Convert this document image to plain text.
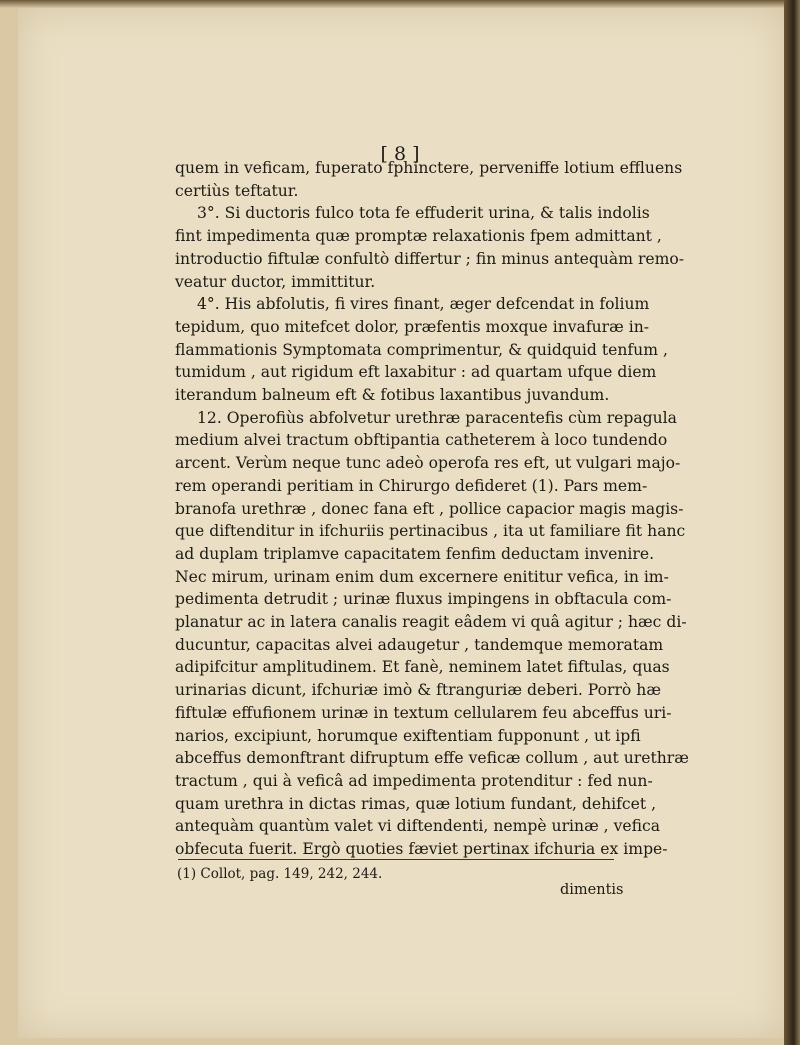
[ 8 ]
quem in veficam, fuperato fphinctere, perveniffe lotium effluens
certiùs teftatur.
3°. Si ductoris fulco tota fe effuderit urina, & talis indolis
fint impedimenta quæ promptæ relaxationis fpem admittant ,
introductio fiftulæ confultò differtur ; fin minus antequàm remo-
veatur ductor, immittitur.
4°. His abfolutis, fi vires finant, æger defcendat in folium
tepidum, quo mitefcet dolor, præfentis moxque invafuræ in-
flammationis Symptomata comprimentur, & quidquid tenfum ,
tumidum , aut rigidum eft laxabitur : ad quartam ufque diem
iterandum balneum eft & fotibus laxantibus juvandum.
12. Operofiùs abfolvetur urethræ paracentefis cùm repagula
medium alvei tractum obftipantia catheterem à loco tundendo
arcent. Verùm neque tunc adeò operofa res eft, ut vulgari majo-
rem operandi peritiam in Chirurgo defideret (1). Pars mem-
branofa urethræ , donec fana eft , pollice capacior magis magis-
que diftenditur in ifchuriis pertinacibus , ita ut familiare fit hanc
ad duplam triplamve capacitatem fenfim deductam invenire.
Nec mirum, urinam enim dum excernere enititur vefica, in im-
pedimenta detrudit ; urinæ fluxus impingens in obftacula com-
planatur ac in latera canalis reagit eâdem vi quâ agitur ; hæc di-
ducuntur, capacitas alvei adaugetur , tandemque memoratam
adipifcitur amplitudinem. Et fanè, neminem latet fiftulas, quas
urinarias dicunt, ifchuriæ imò & ftranguriæ deberi. Porrò hæ
fiftulæ effufionem urinæ in textum cellularem feu abceffus uri-
narios, excipiunt, horumque exiftentiam fupponunt , ut ipfi
abceffus demonftrant difruptum effe veficæ collum , aut urethræ
tractum , qui à veficâ ad impedimenta protenditur : fed nun-
quam urethra in dictas rimas, quæ lotium fundant, dehifcet ,
antequàm quantùm valet vi diftendenti, nempè urinæ , vefica
obfecuta fuerit. Ergò quoties fæviet pertinax ifchuria ex impe-
(1) Collot, pag. 149, 242, 244.
dimentis
